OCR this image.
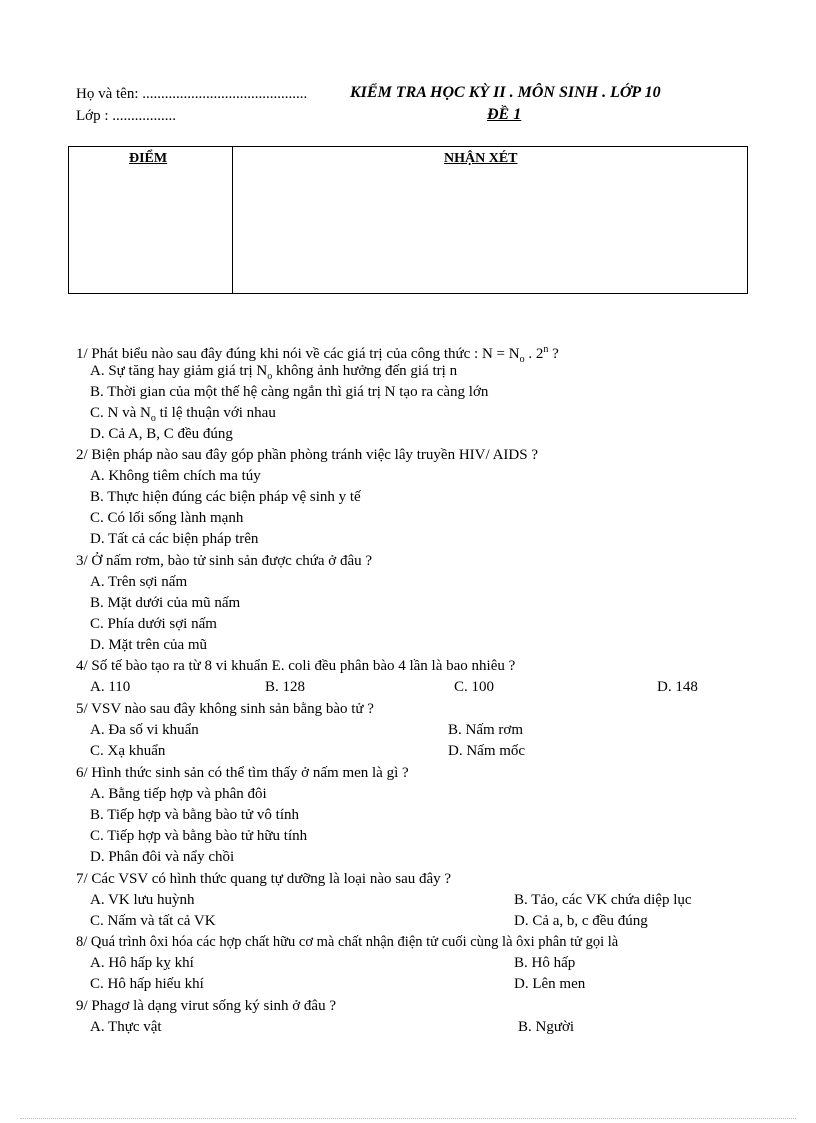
Họ và tên: ............................................
Lớp : .................
KIỂM TRA HỌC KỲ II . MÔN SINH . LỚP 10
ĐỀ 1
ĐIỂM	NHẬN XÉT
1/ Phát biểu nào sau đây đúng khi nói về các giá trị của công thức : $N = N_o$ . 2$^n$ ?
A. Sự tăng hay giảm giá trị $N_o$ không ảnh hưởng đến giá trị n
B. Thời gian của một thế hệ càng ngắn thì giá trị N tạo ra càng lớn
C. N và $N_o$ tỉ lệ thuận với nhau
D. Cả A, B, C đều đúng
2/ Biện pháp nào sau đây góp phần phòng tránh việc lây truyền HIV/ AIDS ?
A. Không tiêm chích ma túy
B. Thực hiện đúng các biện pháp vệ sinh y tế
C. Có lối sống lành mạnh
D. Tất cả các biện pháp trên
3/ Ở nấm rơm, bào tử sinh sản được chứa ở đâu ?
A. Trên sợi nấm
B. Mặt dưới của mũ nấm
C. Phía dưới sợi nấm
D. Mặt trên của mũ
4/ Số tế bào tạo ra từ 8 vi khuẩn E. coli đều phân bào 4 lần là bao nhiêu ?
A. 110	B. 128	C. 100	D. 148
5/ VSV nào sau đây không sinh sản bằng bào tử ?
A. Đa số vi khuẩn	B. Nấm rơm
C. Xạ khuẩn	D. Nấm mốc
6/ Hình thức sinh sản có thể tìm thấy ở nấm men là gì ?
A. Bằng tiếp hợp và phân đôi
B. Tiếp hợp và bằng bào tử vô tính
C. Tiếp hợp và bằng bào tử hữu tính
D. Phân đôi và nẩy chồi
7/ Các VSV có hình thức quang tự dưỡng là loại nào sau đây ?
A. VK lưu huỳnh	B. Tảo, các VK chứa diệp lục
C. Nấm và tất cả VK	D. Cả a, b, c đều đúng
8/ Quá trình ôxi hóa các hợp chất hữu cơ mà chất nhận điện tử cuối cùng là ôxi phân tử gọi là
A. Hô hấp kỵ khí	B. Hô hấp
C. Hô hấp hiếu khí	D. Lên men
9/ Phagơ là dạng virut sống ký sinh ở đâu ?
A. Thực vật	B. Người
